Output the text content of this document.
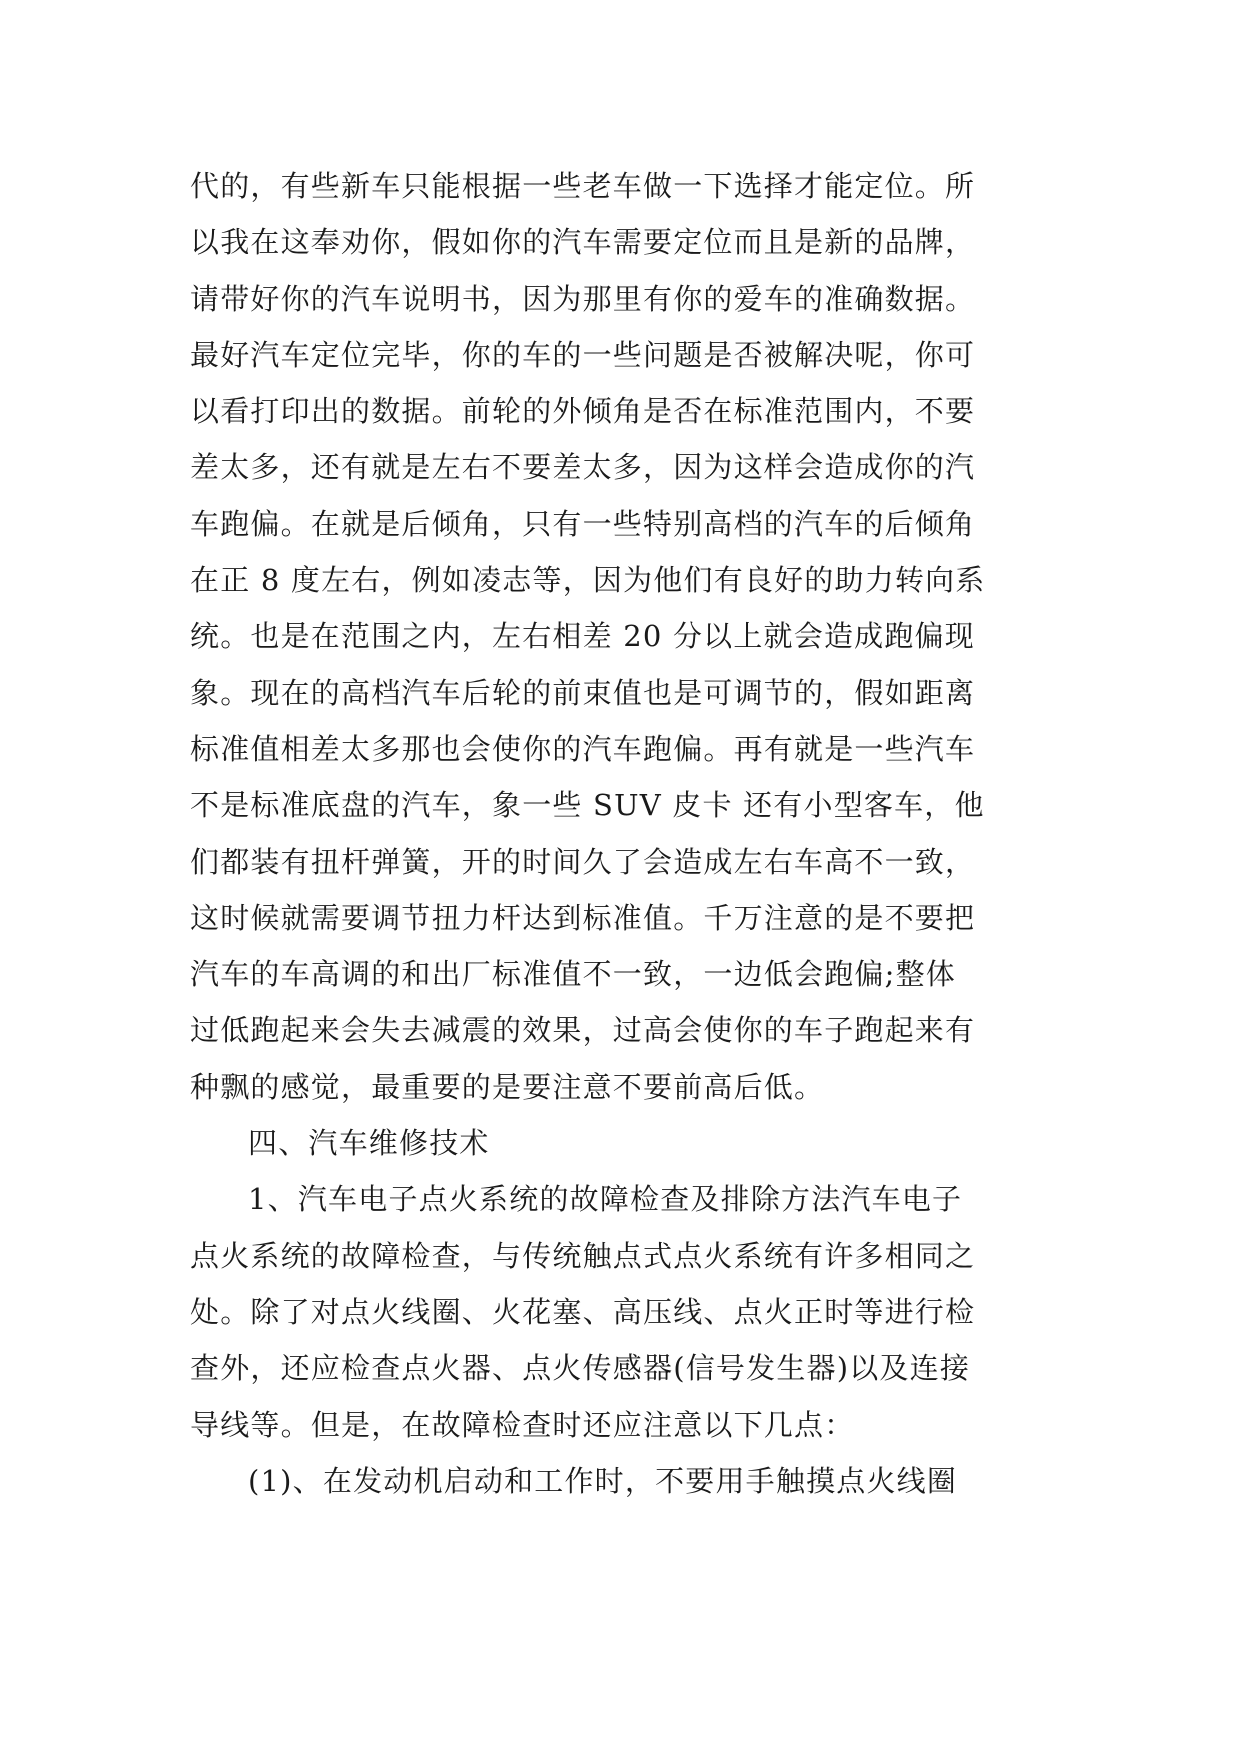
代的，有些新车只能根据一些老车做一下选择才能定位。所
以我在这奉劝你，假如你的汽车需要定位而且是新的品牌，
请带好你的汽车说明书，因为那里有你的爱车的准确数据。
最好汽车定位完毕，你的车的一些问题是否被解决呢，你可
以看打印出的数据。前轮的外倾角是否在标准范围内，不要
差太多，还有就是左右不要差太多，因为这样会造成你的汽
车跑偏。在就是后倾角，只有一些特别高档的汽车的后倾角
在正 8 度左右，例如凌志等，因为他们有良好的助力转向系
统。也是在范围之内，左右相差 20 分以上就会造成跑偏现
象。现在的高档汽车后轮的前束值也是可调节的，假如距离
标准值相差太多那也会使你的汽车跑偏。再有就是一些汽车
不是标准底盘的汽车，象一些 SUV 皮卡 还有小型客车，他
们都装有扭杆弹簧，开的时间久了会造成左右车高不一致，
这时候就需要调节扭力杆达到标准值。千万注意的是不要把
汽车的车高调的和出厂标准值不一致，一边低会跑偏;整体
过低跑起来会失去减震的效果，过高会使你的车子跑起来有
种飘的感觉，最重要的是要注意不要前高后低。
四、汽车维修技术
1、汽车电子点火系统的故障检查及排除方法汽车电子
点火系统的故障检查，与传统触点式点火系统有许多相同之
处。除了对点火线圈、火花塞、高压线、点火正时等进行检
查外，还应检查点火器、点火传感器(信号发生器)以及连接
导线等。但是，在故障检查时还应注意以下几点：
(1)、在发动机启动和工作时，不要用手触摸点火线圈
